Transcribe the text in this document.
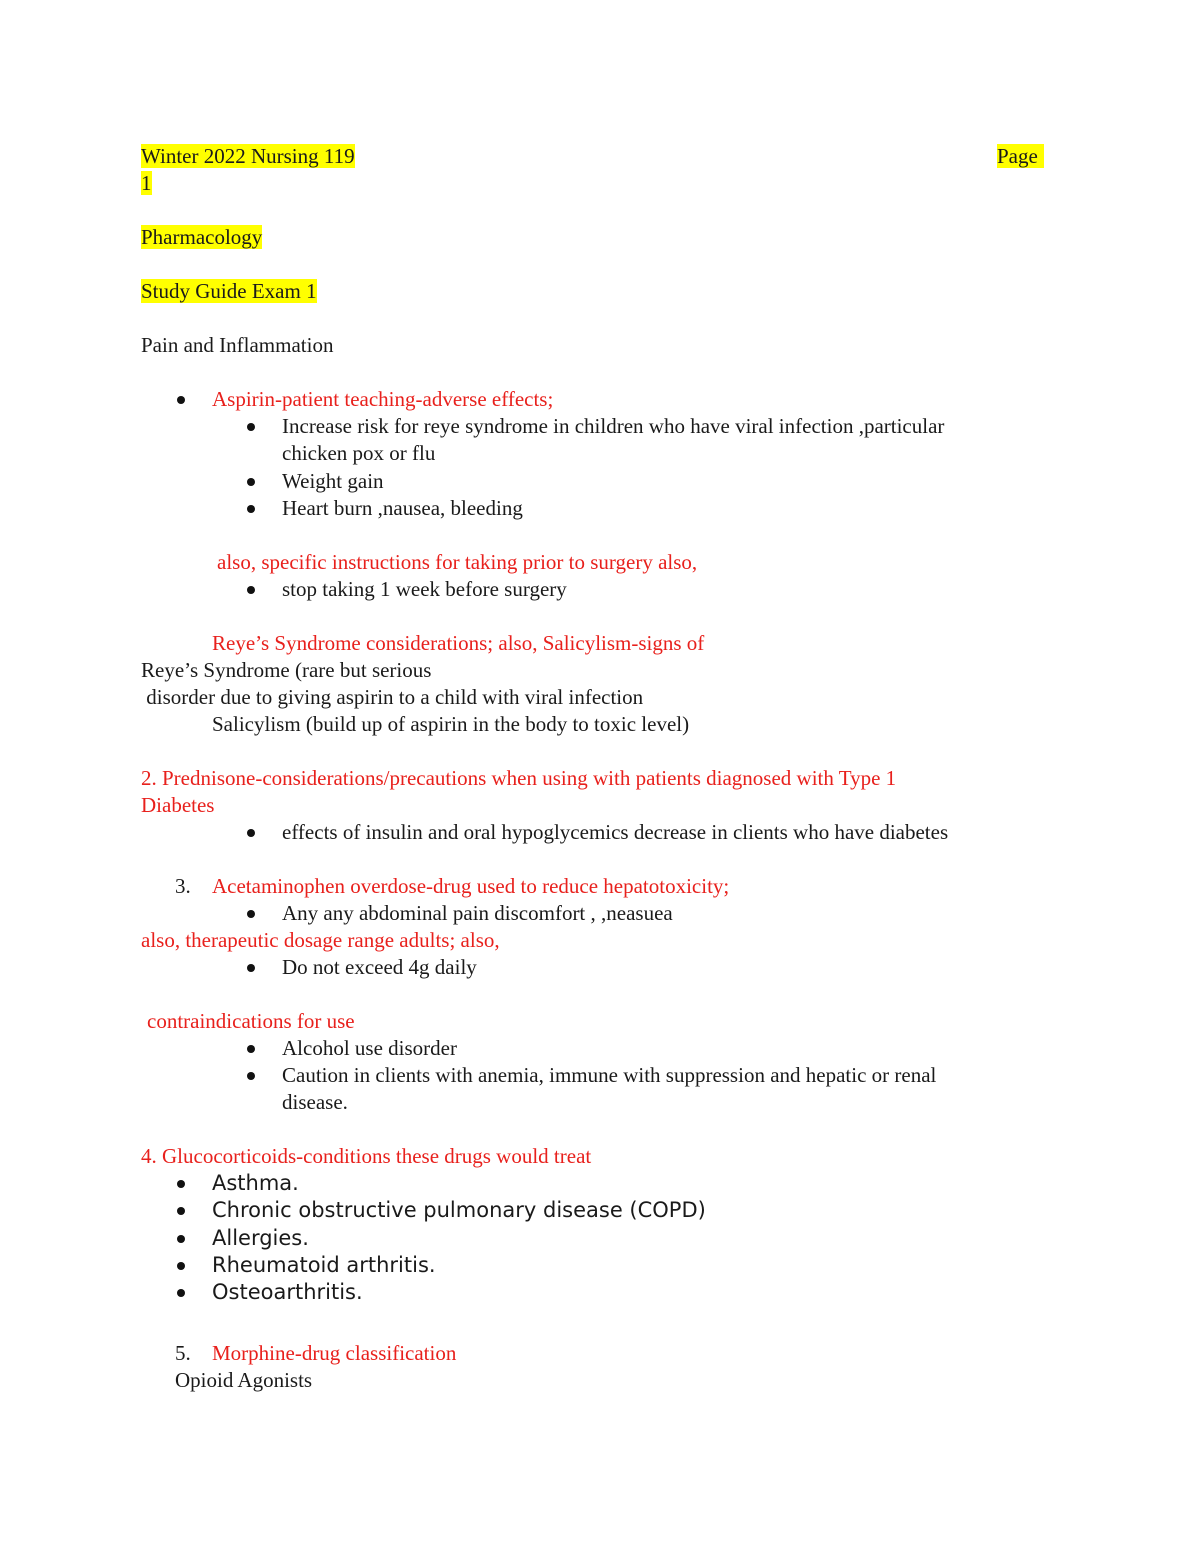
Winter 2022 Nursing 119	Page
1
Pharmacology
Study Guide Exam 1
Pain and Inflammation
Aspirin-patient teaching-adverse effects;
Increase risk for reye syndrome in children who have viral infection ,particular
chicken pox or flu
Weight gain
Heart burn ,nausea, bleeding
also, specific instructions for taking prior to surgery also,
stop taking 1 week before surgery
Reye’s Syndrome considerations; also, Salicylism-signs of
Reye’s Syndrome (rare but serious
disorder due to giving aspirin to a child with viral infection
Salicylism (build up of aspirin in the body to toxic level)
2. Prednisone-considerations/precautions when using with patients diagnosed with Type 1
Diabetes
effects of insulin and oral hypoglycemics decrease in clients who have diabetes
3. Acetaminophen overdose-drug used to reduce hepatotoxicity;
Any any abdominal pain discomfort , ,neasuea
also, therapeutic dosage range adults; also,
Do not exceed 4g daily
contraindications for use
Alcohol use disorder
Caution in clients with anemia, immune with suppression and hepatic or renal
disease.
4. Glucocorticoids-conditions these drugs would treat
Asthma.
Chronic obstructive pulmonary disease (COPD)
Allergies.
Rheumatoid arthritis.
Osteoarthritis.
5. Morphine-drug classification
Opioid Agonists
